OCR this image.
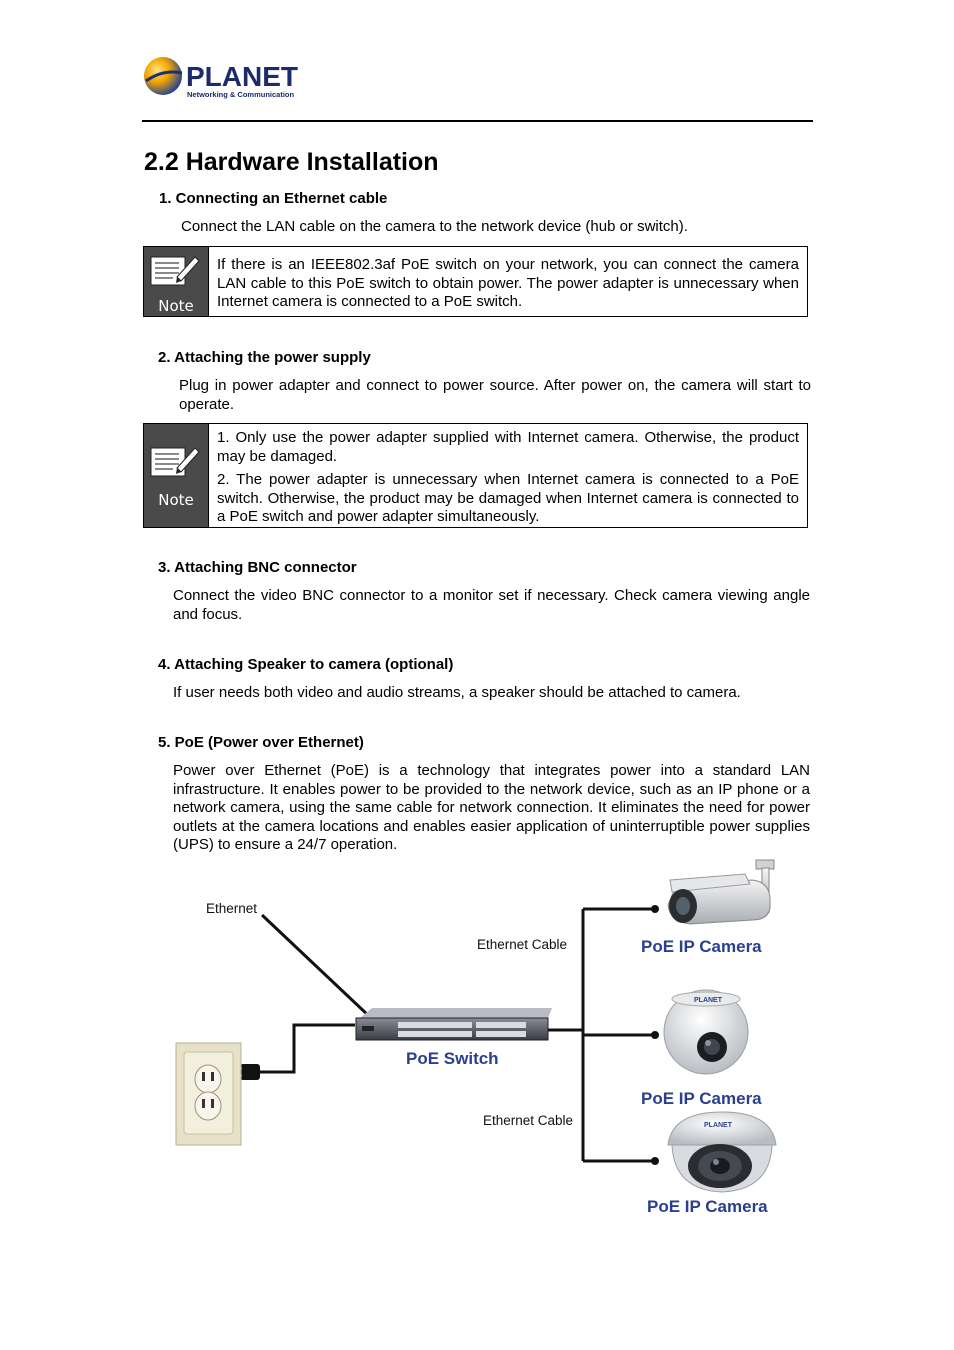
PLANET
Networking & Communication
2.2 Hardware Installation
1. Connecting an Ethernet cable
Connect the LAN cable on the camera to the network device (hub or switch).
Note

If there is an IEEE802.3af PoE switch on your network, you can connect the camera LAN cable to this PoE switch to obtain power. The power adapter is unnecessary when Internet camera is connected to a PoE switch.

2. Attaching the power supply
Plug in power adapter and connect to power source. After power on, the camera will start to operate.
Note

1. Only use the power adapter supplied with Internet camera. Otherwise, the product may be damaged.

2. The power adapter is unnecessary when Internet camera is connected to a PoE switch. Otherwise, the product may be damaged when Internet camera is connected to a PoE switch and power adapter simultaneously.

3. Attaching BNC connector
Connect the video BNC connector to a monitor set if necessary. Check camera viewing angle and focus.
4. Attaching Speaker to camera (optional)
If user needs both video and audio streams, a speaker should be attached to camera.
5. PoE (Power over Ethernet)
Power over Ethernet (PoE) is a technology that integrates power into a standard LAN infrastructure. It enables power to be provided to the network device, such as an IP phone or a network camera, using the same cable for network connection. It eliminates the need for power outlets at the camera locations and enables easier application of uninterruptible power supplies (UPS) to ensure a 24/7 operation.
Ethernet
PoE Switch
Ethernet Cable
Ethernet Cable
PoE IP Camera
PLANET
PoE IP Camera
PLANET
PoE IP Camera
